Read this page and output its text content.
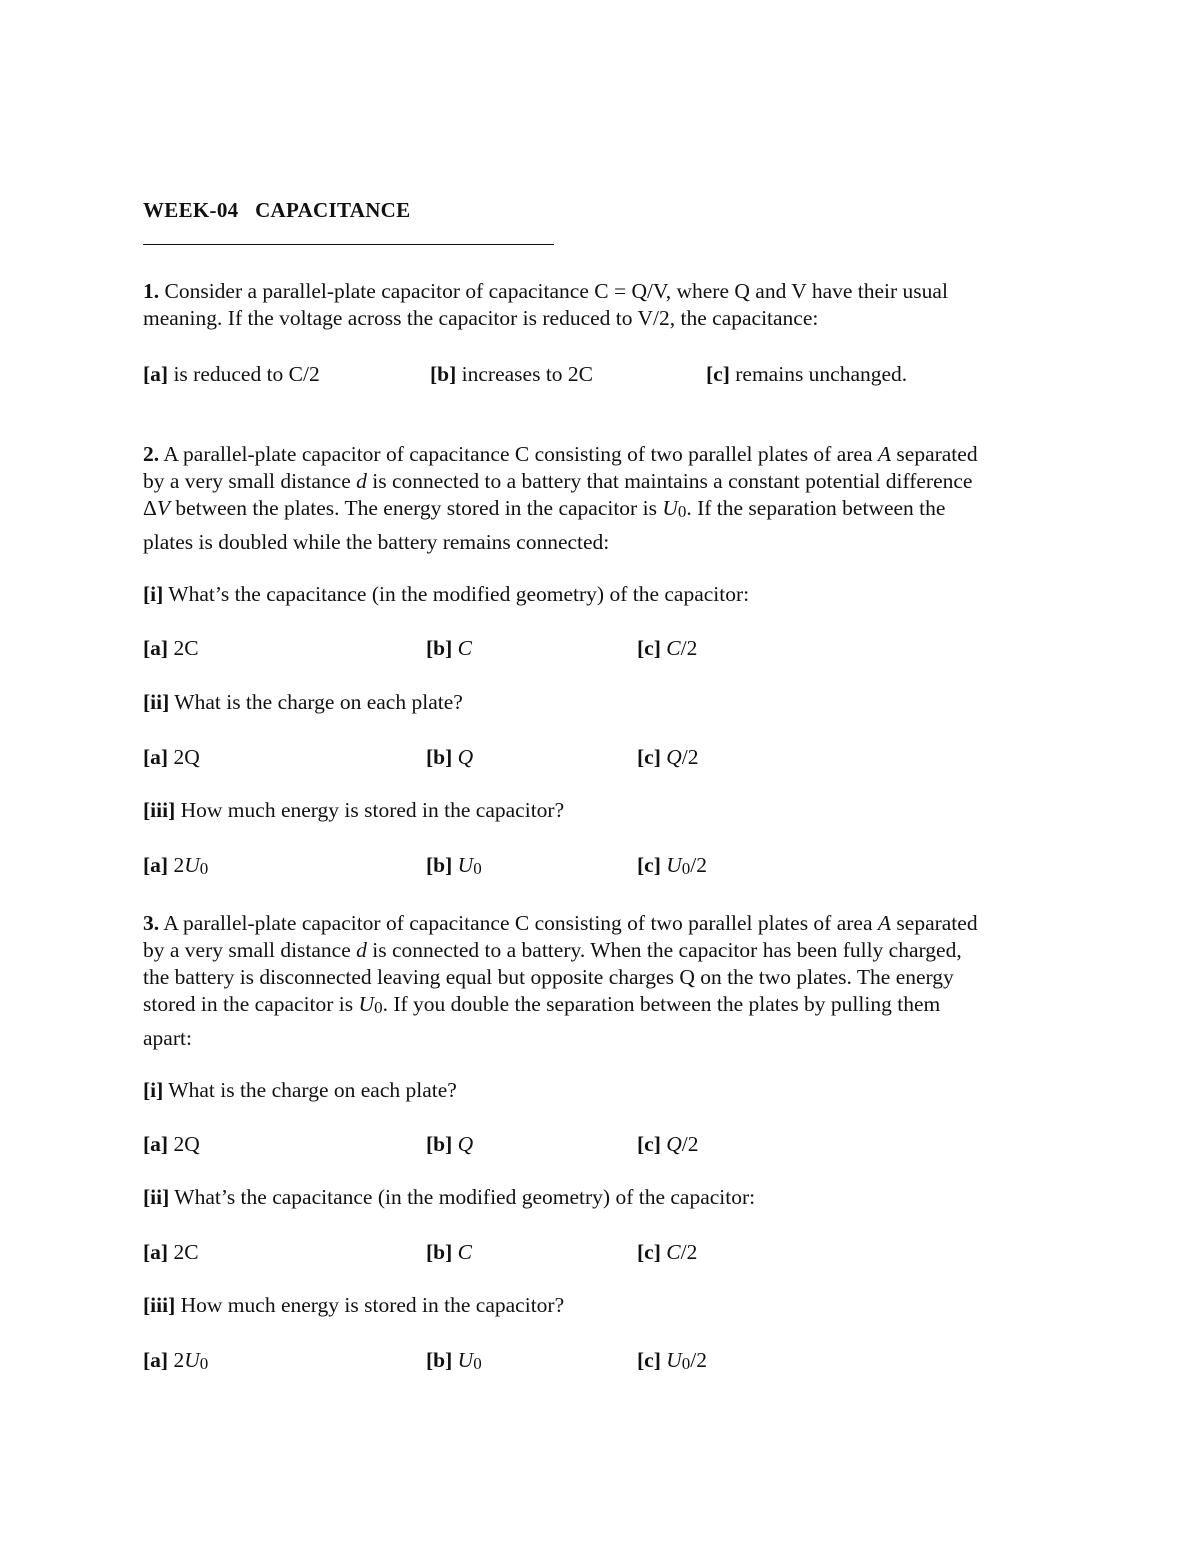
WEEK-04   CAPACITANCE

1. Consider a parallel-plate capacitor of capacitance C = Q/V, where Q and V have their usual

meaning. If the voltage across the capacitor is reduced to V/2, the capacitance:

[a] is reduced to C/2	[b] increases to 2C	[c] remains unchanged.

2. A parallel-plate capacitor of capacitance C consisting of two parallel plates of area A separated

by a very small distance d is connected to a battery that maintains a constant potential difference

ΔV between the plates. The energy stored in the capacitor is $U_0$. If the separation between the

plates is doubled while the battery remains connected:

[i] What’s the capacitance (in the modified geometry) of the capacitor:

[a] 2C	[b] C	[c] C/2

[ii] What is the charge on each plate?

[a] 2Q	[b] Q	[c] Q/2

[iii] How much energy is stored in the capacitor?

[a] $2U_0$	[b] $U_0$	[c] $U_0/2$

3. A parallel-plate capacitor of capacitance C consisting of two parallel plates of area A separated

by a very small distance d is connected to a battery. When the capacitor has been fully charged,

the battery is disconnected leaving equal but opposite charges Q on the two plates. The energy

stored in the capacitor is $U_0$. If you double the separation between the plates by pulling them

apart:

[i] What is the charge on each plate?

[a] 2Q	[b] Q	[c] Q/2

[ii] What’s the capacitance (in the modified geometry) of the capacitor:

[a] 2C	[b] C	[c] C/2

[iii] How much energy is stored in the capacitor?

[a] $2U_0$	[b] $U_0$	[c] $U_0/2$
